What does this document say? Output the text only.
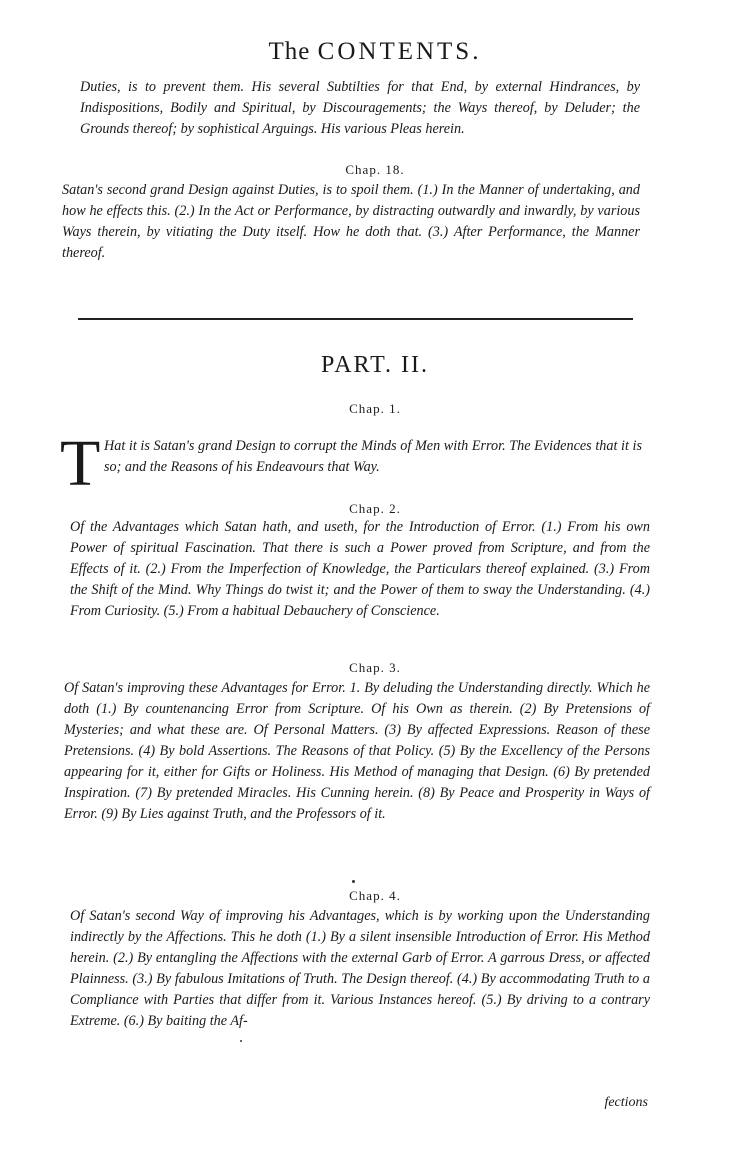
The CONTENTS.

Duties, is to prevent them. His several Subtilties for that End, by external Hindrances, by Indispositions, Bodily and Spiritual, by Discouragements; the Ways thereof, by Deluder; the Grounds thereof; by sophistical Arguings. His various Pleas herein.

Chap. 18.

Satan's second grand Design against Duties, is to spoil them. (1.) In the Manner of undertaking, and how he effects this. (2.) In the Act or Performance, by distracting outwardly and inwardly, by various Ways therein, by vitiating the Duty itself. How he doth that. (3.) After Performance, the Manner thereof.

PART. II.
Chap. 1.
T Hat it is Satan's grand Design to corrupt the Minds of Men with Error. The Evidences that it is so; and the Reasons of his Endeavours that Way.

Chap. 2.

Of the Advantages which Satan hath, and useth, for the Introduction of Error. (1.) From his own Power of spiritual Fascination. That there is such a Power proved from Scripture, and from the Effects of it. (2.) From the Imperfection of Knowledge, the Particulars thereof explained. (3.) From the Shift of the Mind. Why Things do twist it; and the Power of them to sway the Understanding. (4.) From Curiosity. (5.) From a habitual Debauchery of Conscience.

Chap. 3.

Of Satan's improving these Advantages for Error. 1. By deluding the Understanding directly. Which he doth (1.) By countenancing Error from Scripture. Of his Own as therein. (2) By Pretensions of Mysteries; and what these are. Of Personal Matters. (3) By affected Expressions. Reason of these Pretensions. (4) By bold Assertions. The Reasons of that Policy. (5) By the Excellency of the Persons appearing for it, either for Gifts or Holiness. His Method of managing that Design. (6) By pretended Inspiration. (7) By pretended Miracles. His Cunning herein. (8) By Peace and Prosperity in Ways of Error. (9) By Lies against Truth, and the Professors of it.

Chap. 4.

Of Satan's second Way of improving his Advantages, which is by working upon the Understanding indirectly by the Affections. This he doth (1.) By a silent insensible Introduction of Error. His Method herein. (2.) By entangling the Affections with the external Garb of Error. A garrous Dress, or affected Plainness. (3.) By fabulous Imitations of Truth. The Design thereof. (4.) By accommodating Truth to a Compliance with Parties that differ from it. Various Instances hereof. (5.) By driving to a contrary Extreme. (6.) By baiting the Af-

fections
